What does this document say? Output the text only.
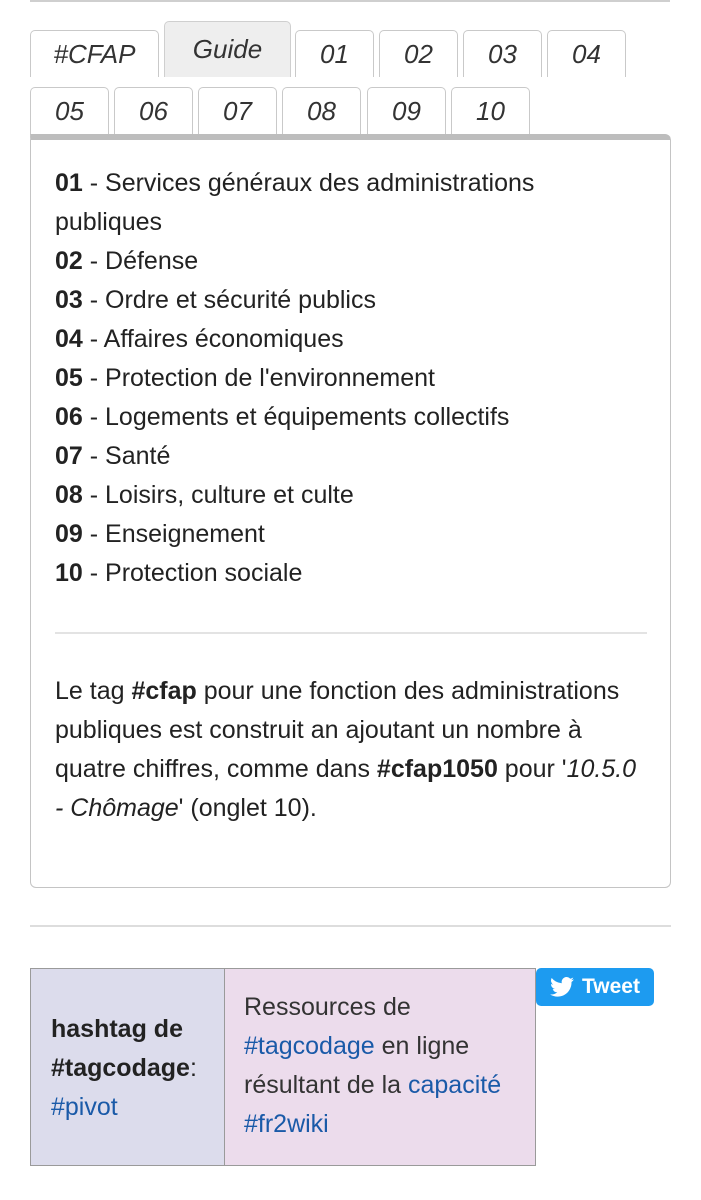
#CFAP	Guide	01	02	03	04
05	06	07	08	09	10
01 - Services généraux des administrations publiques
02 - Défense
03 - Ordre et sécurité publics
04 - Affaires économiques
05 - Protection de l'environnement
06 - Logements et équipements collectifs
07 - Santé
08 - Loisirs, culture et culte
09 - Enseignement
10 - Protection sociale

Le tag #cfap pour une fonction des administrations publiques est construit an ajoutant un nombre à quatre chiffres, comme dans #cfap1050 pour '10.5.0 - Chômage' (onglet 10).

hashtag de #tagcodage:
#pivot
Ressources de
#tagcodage en ligne résultant de la capacité #fr2wiki
Tweet
